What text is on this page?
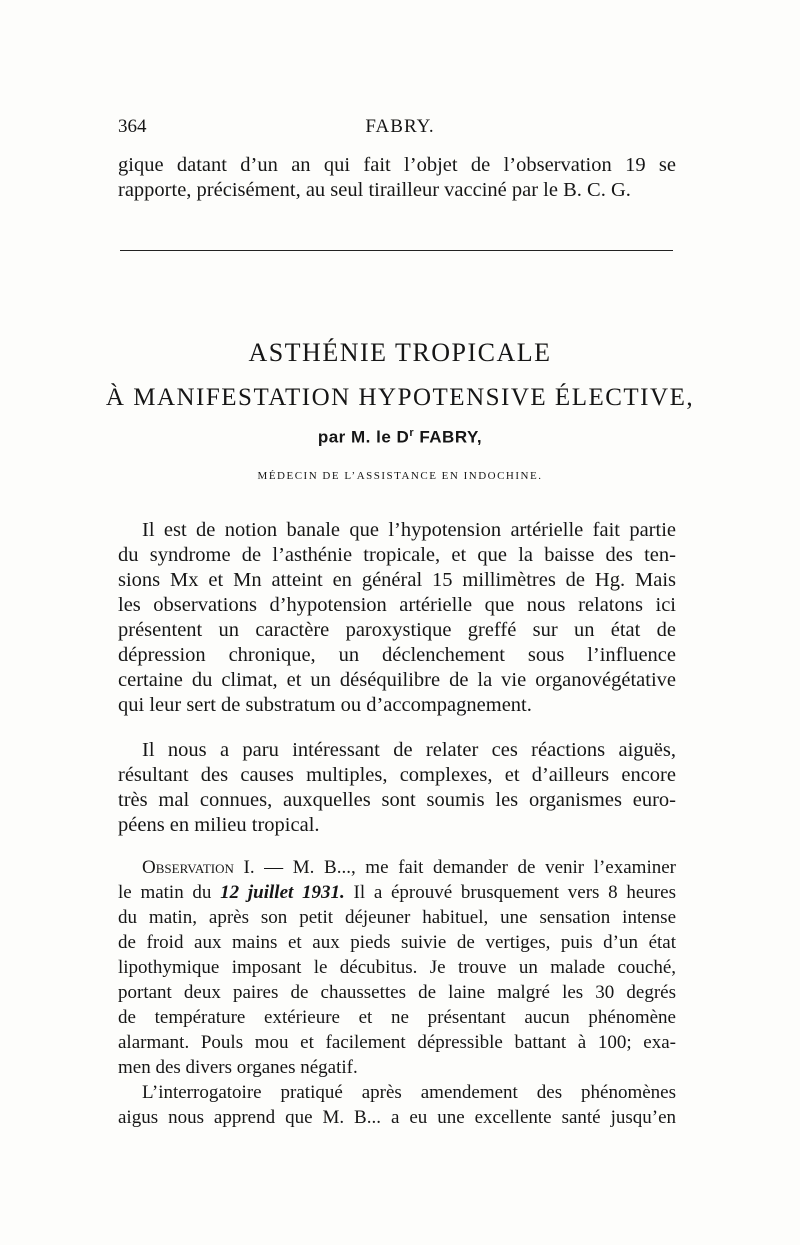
364	FABRY.
gique datant d’un an qui fait l’objet de l’observation 19 se
rapporte, précisément, au seul tirailleur vacciné par le B. C. G.
ASTHÉNIE TROPICALE
À MANIFESTATION HYPOTENSIVE ÉLECTIVE,
par M. le $D^r$ FABRY,
MÉDECIN DE L’ASSISTANCE EN INDOCHINE.
Il est de notion banale que l’hypotension artérielle fait partie
du syndrome de l’asthénie tropicale, et que la baisse des ten-
sions Mx et Mn atteint en général 15 millimètres de Hg. Mais
les observations d’hypotension artérielle que nous relatons ici
présentent un caractère paroxystique greffé sur un état de
dépression chronique, un déclenchement sous l’influence
certaine du climat, et un déséquilibre de la vie organovégétative
qui leur sert de substratum ou d’accompagnement.
Il nous a paru intéressant de relater ces réactions aiguës,
résultant des causes multiples, complexes, et d’ailleurs encore
très mal connues, auxquelles sont soumis les organismes euro-
péens en milieu tropical.
Observation I. — M. B..., me fait demander de venir l’examiner
le matin du 12 juillet 1931. Il a éprouvé brusquement vers 8 heures
du matin, après son petit déjeuner habituel, une sensation intense
de froid aux mains et aux pieds suivie de vertiges, puis d’un état
lipothymique imposant le décubitus. Je trouve un malade couché,
portant deux paires de chaussettes de laine malgré les 30 degrés
de température extérieure et ne présentant aucun phénomène
alarmant. Pouls mou et facilement dépressible battant à 100; exa-
men des divers organes négatif.
L’interrogatoire pratiqué après amendement des phénomènes
aigus nous apprend que M. B... a eu une excellente santé jusqu’en
